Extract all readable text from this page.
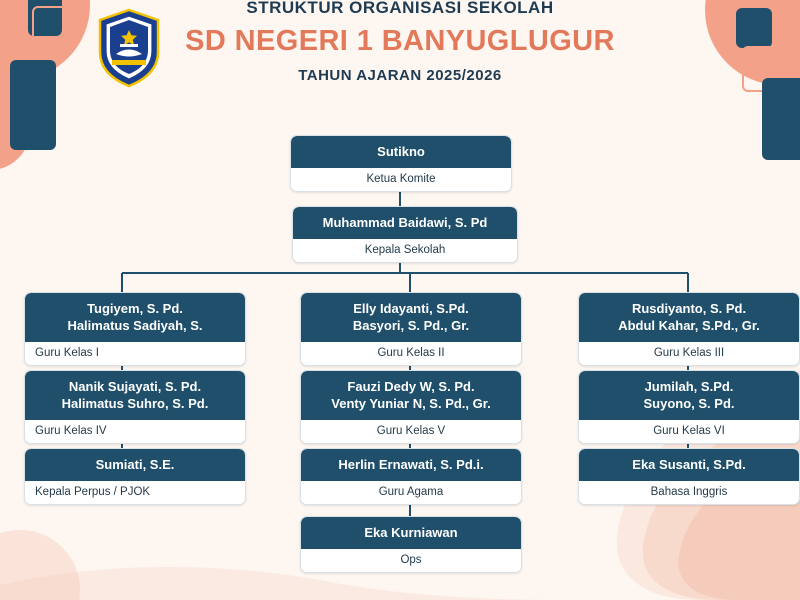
STRUKTUR ORGANISASI SEKOLAH
SD NEGERI 1 BANYUGLUGUR
TAHUN AJARAN 2025/2026
Sutikno
Ketua Komite
Muhammad Baidawi, S. Pd
Kepala Sekolah
Tugiyem, S. Pd.
Halimatus Sadiyah, S.
Guru Kelas I
Nanik Sujayati, S. Pd.
Halimatus Suhro, S. Pd.
Guru Kelas IV
Sumiati, S.E.
Kepala Perpus / PJOK
Elly Idayanti, S.Pd.
Basyori, S. Pd., Gr.
Guru Kelas II
Fauzi Dedy W, S. Pd.
Venty Yuniar N, S. Pd., Gr.
Guru Kelas V
Herlin Ernawati, S. Pd.i.
Guru Agama
Eka Kurniawan
Ops
Rusdiyanto, S. Pd.
Abdul Kahar, S.Pd., Gr.
Guru Kelas III
Jumilah, S.Pd.
Suyono, S. Pd.
Guru Kelas VI
Eka Susanti, S.Pd.
Bahasa Inggris
